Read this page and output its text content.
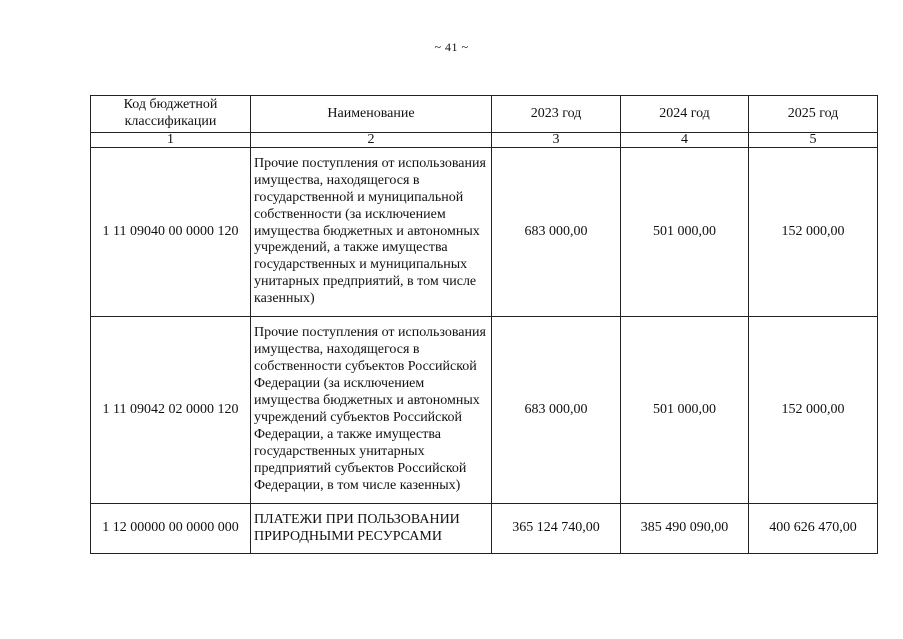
~ 41 ~
Код бюджетной классификации	Наименование	2023 год	2024 год	2025 год
1	2	3	4	5
1 11 09040 00 0000 120	Прочие поступления от использования имущества, находящегося в государственной и муниципальной собственности (за исключением имущества бюджетных и автономных учреждений, а также имущества государственных и муниципальных унитарных предприятий, в том числе казенных)	683 000,00	501 000,00	152 000,00
1 11 09042 02 0000 120	Прочие поступления от использования имущества, находящегося в собственности субъектов Российской Федерации (за исключением имущества бюджетных и автономных учреждений субъектов Российской Федерации, а также имущества государственных унитарных предприятий субъектов Российской Федерации, в том числе казенных)	683 000,00	501 000,00	152 000,00
1 12 00000 00 0000 000	ПЛАТЕЖИ ПРИ ПОЛЬЗОВАНИИ ПРИРОДНЫМИ РЕСУРСАМИ	365 124 740,00	385 490 090,00	400 626 470,00
